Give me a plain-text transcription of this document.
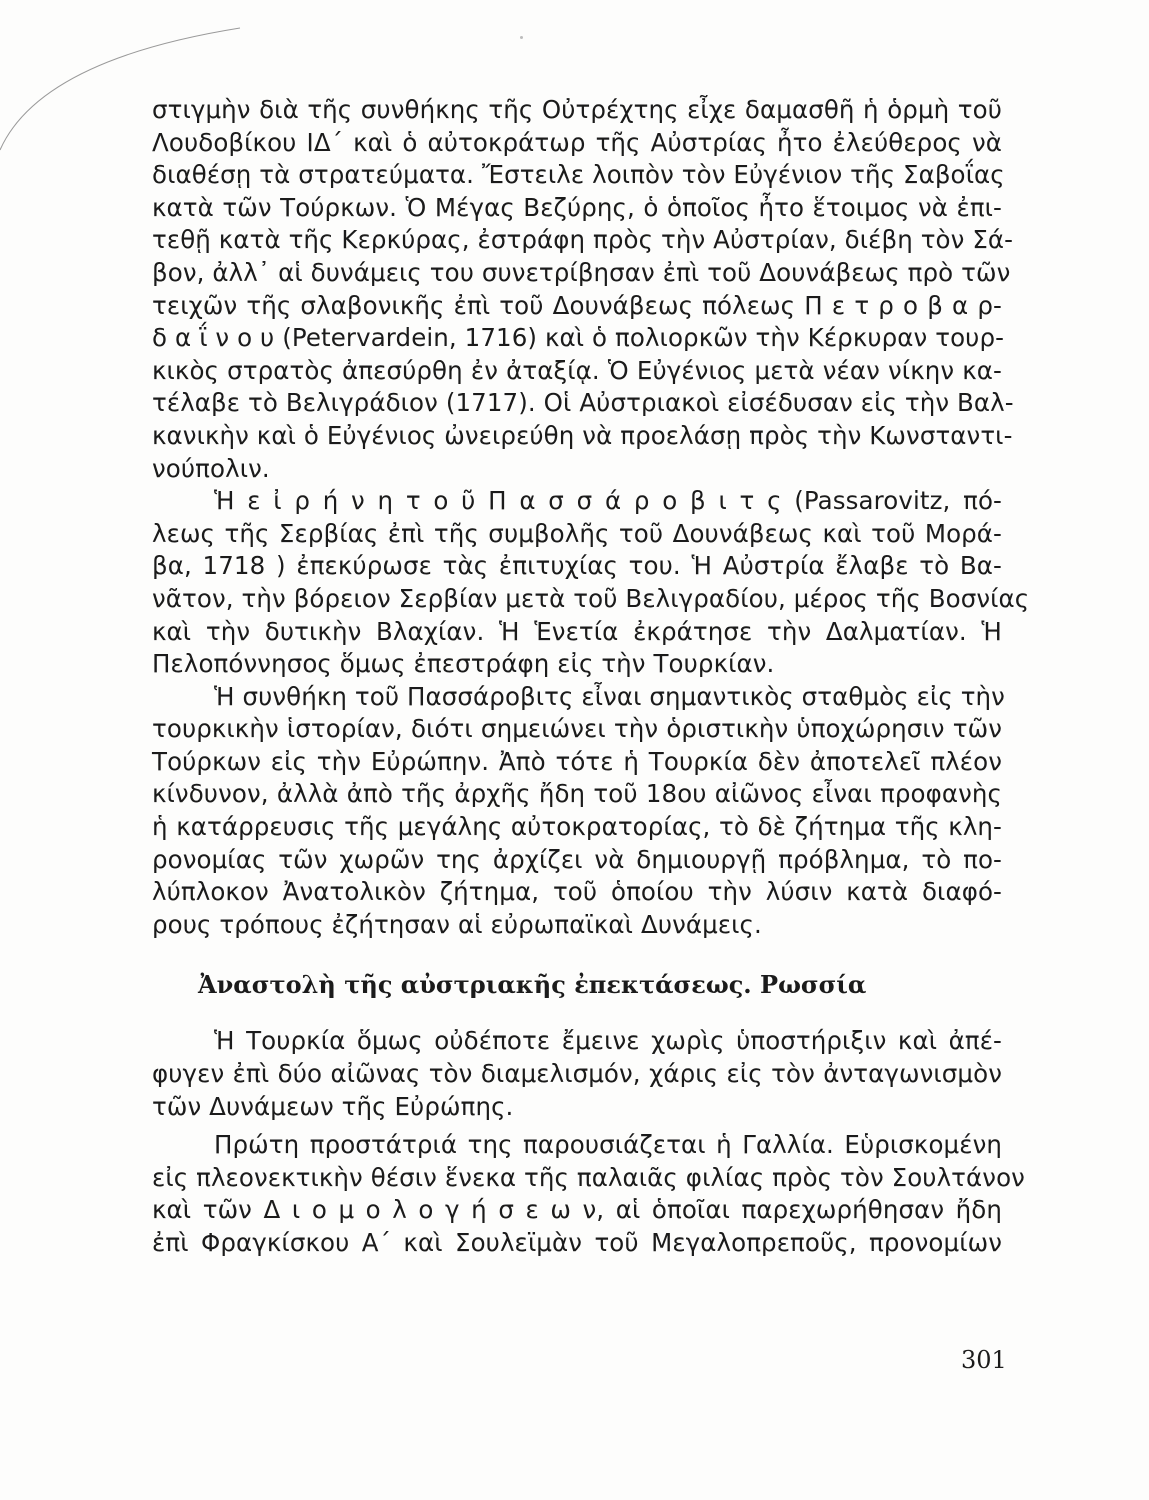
στιγμὴν διὰ τῆς συνθήκης τῆς Οὐτρέχτης εἶχε δαμασθῆ ἡ ὁρμὴ τοῦ
Λουδοβίκου ΙΔ΄ καὶ ὁ αὐτοκράτωρ τῆς Αὐστρίας ἦτο ἐλεύθερος νὰ
διαθέσῃ τὰ στρατεύματα. Ἔστειλε λοιπὸν τὸν Εὐγένιον τῆς Σαβοΐας
κατὰ τῶν Τούρκων. Ὁ Μέγας Βεζύρης, ὁ ὁποῖος ἦτο ἕτοιμος νὰ ἐπι-
τεθῇ κατὰ τῆς Κερκύρας, ἐστράφη πρὸς τὴν Αὐστρίαν, διέβη τὸν Σά-
βον, ἀλλ᾽ αἱ δυνάμεις του συνετρίβησαν ἐπὶ τοῦ Δουνάβεως πρὸ τῶν
τειχῶν τῆς σλαβονικῆς ἐπὶ τοῦ Δουνάβεως πόλεως Π ε τ ρ ο β α ρ-
δ α ΐ ν ο υ (Petervardein, 1716) καὶ ὁ πολιορκῶν τὴν Κέρκυραν τουρ-
κικὸς στρατὸς ἀπεσύρθη ἐν ἀταξίᾳ. Ὁ Εὐγένιος μετὰ νέαν νίκην κα-
τέλαβε τὸ Βελιγράδιον (1717). Οἱ Αὐστριακοὶ εἰσέδυσαν εἰς τὴν Βαλ-
κανικὴν καὶ ὁ Εὐγένιος ὠνειρεύθη νὰ προελάσῃ πρὸς τὴν Κωνσταντι-
νούπολιν.
Ἡ ε ἰ ρ ή ν η τ ο ῦ Π α σ σ ά ρ ο β ι τ ς (Passarovitz, πό-
λεως τῆς Σερβίας ἐπὶ τῆς συμβολῆς τοῦ Δουνάβεως καὶ τοῦ Μορά-
βα, 1718 ) ἐπεκύρωσε τὰς ἐπιτυχίας του. Ἡ Αὐστρία ἔλαβε τὸ Βα-
νᾶτον, τὴν βόρειον Σερβίαν μετὰ τοῦ Βελιγραδίου, μέρος τῆς Βοσνίας
καὶ τὴν δυτικὴν Βλαχίαν. Ἡ Ἑνετία ἐκράτησε τὴν Δαλματίαν. Ἡ
Πελοπόννησος ὅμως ἐπεστράφη εἰς τὴν Τουρκίαν.
Ἡ συνθήκη τοῦ Πασσάροβιτς εἶναι σημαντικὸς σταθμὸς εἰς τὴν
τουρκικὴν ἱστορίαν, διότι σημειώνει τὴν ὁριστικὴν ὑποχώρησιν τῶν
Τούρκων εἰς τὴν Εὐρώπην. Ἀπὸ τότε ἡ Τουρκία δὲν ἀποτελεῖ πλέον
κίνδυνον, ἀλλὰ ἀπὸ τῆς ἀρχῆς ἤδη τοῦ 18ου αἰῶνος εἶναι προφανὴς
ἡ κατάρρευσις τῆς μεγάλης αὐτοκρατορίας, τὸ δὲ ζήτημα τῆς κλη-
ρονομίας τῶν χωρῶν της ἀρχίζει νὰ δημιουργῇ πρόβλημα, τὸ πο-
λύπλοκον Ἀνατολικὸν ζήτημα, τοῦ ὁποίου τὴν λύσιν κατὰ διαφό-
ρους τρόπους ἐζήτησαν αἱ εὐρωπαϊκαὶ Δυνάμεις.
Ἀναστολὴ τῆς αὐστριακῆς ἐπεκτάσεως. Ρωσσία
Ἡ Τουρκία ὅμως οὐδέποτε ἔμεινε χωρὶς ὑποστήριξιν καὶ ἀπέ-
φυγεν ἐπὶ δύο αἰῶνας τὸν διαμελισμόν, χάρις εἰς τὸν ἀνταγωνισμὸν
τῶν Δυνάμεων τῆς Εὐρώπης.
Πρώτη προστάτριά της παρουσιάζεται ἡ Γαλλία. Εὑρισκομένη
εἰς πλεονεκτικὴν θέσιν ἕνεκα τῆς παλαιᾶς φιλίας πρὸς τὸν Σουλτάνον
καὶ τῶν Δ ι ο μ ο λ ο γ ή σ ε ω ν, αἱ ὁποῖαι παρεχωρήθησαν ἤδη
ἐπὶ Φραγκίσκου Α΄ καὶ Σουλεϊμὰν τοῦ Μεγαλοπρεποῦς, προνομίων
301
